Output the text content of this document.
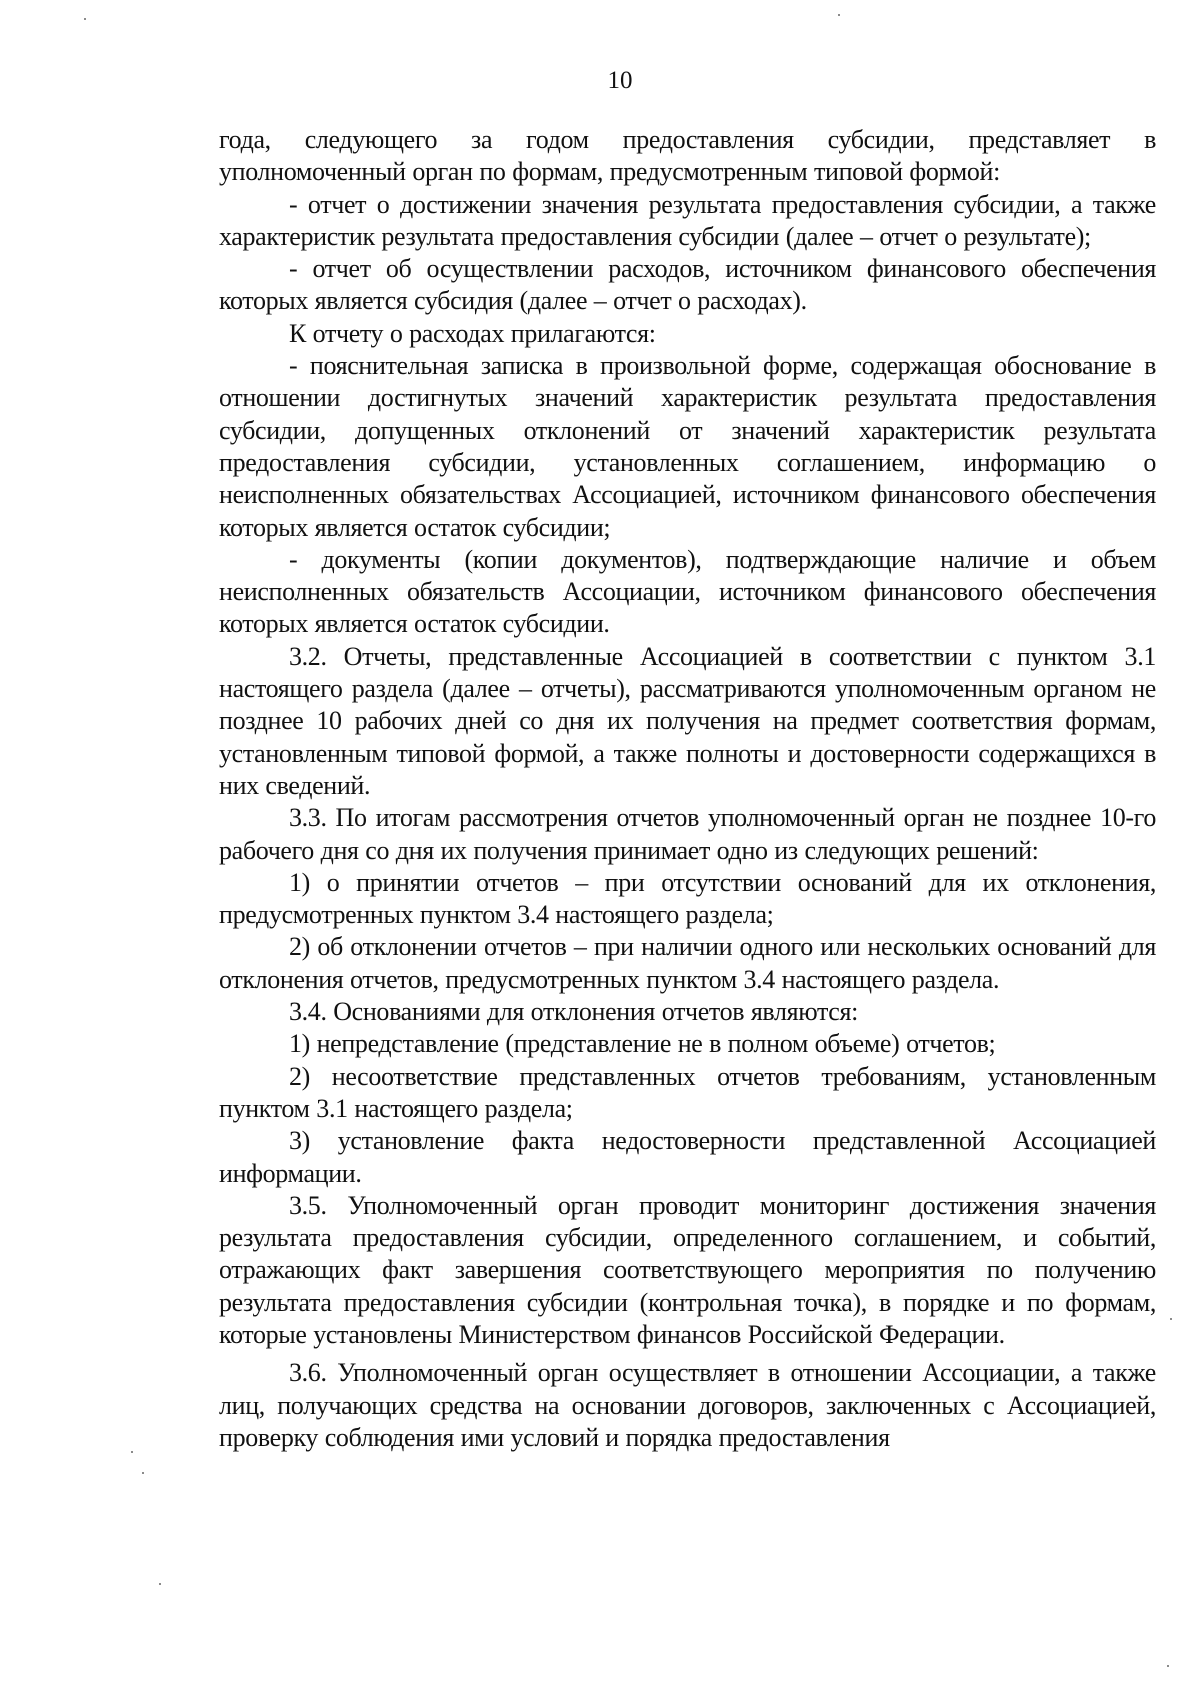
10

года, следующего за годом предоставления субсидии, представляет в уполномоченный орган по формам, предусмотренным типовой формой:

- отчет о достижении значения результата предоставления субсидии, а также характеристик результата предоставления субсидии (далее – отчет о результате);

- отчет об осуществлении расходов, источником финансового обеспечения которых является субсидия (далее – отчет о расходах).

К отчету о расходах прилагаются:

- пояснительная записка в произвольной форме, содержащая обоснование в отношении достигнутых значений характеристик результата предоставления субсидии, допущенных отклонений от значений характеристик результата предоставления субсидии, установленных соглашением, информацию о неисполненных обязательствах Ассоциацией, источником финансового обеспечения которых является остаток субсидии;

- документы (копии документов), подтверждающие наличие и объем неисполненных обязательств Ассоциации, источником финансового обеспечения которых является остаток субсидии.

3.2. Отчеты, представленные Ассоциацией в соответствии с пунктом 3.1 настоящего раздела (далее – отчеты), рассматриваются уполномоченным органом не позднее 10 рабочих дней со дня их получения на предмет соответствия формам, установленным типовой формой, а также полноты и достоверности содержащихся в них сведений.

3.3. По итогам рассмотрения отчетов уполномоченный орган не позднее 10-го рабочего дня со дня их получения принимает одно из следующих решений:

1) о принятии отчетов – при отсутствии оснований для их отклонения, предусмотренных пунктом 3.4 настоящего раздела;

2) об отклонении отчетов – при наличии одного или нескольких оснований для отклонения отчетов, предусмотренных пунктом 3.4 настоящего раздела.

3.4. Основаниями для отклонения отчетов являются:

1) непредставление (представление не в полном объеме) отчетов;

2) несоответствие представленных отчетов требованиям, установленным пунктом 3.1 настоящего раздела;

3) установление факта недостоверности представленной Ассоциацией информации.

3.5. Уполномоченный орган проводит мониторинг достижения значения результата предоставления субсидии, определенного соглашением, и событий, отражающих факт завершения соответствующего мероприятия по получению результата предоставления субсидии (контрольная точка), в порядке и по формам, которые установлены Министерством финансов Российской Федерации.

3.6. Уполномоченный орган осуществляет в отношении Ассоциации, а также лиц, получающих средства на основании договоров, заключенных с Ассоциацией, проверку соблюдения ими условий и порядка предоставления
